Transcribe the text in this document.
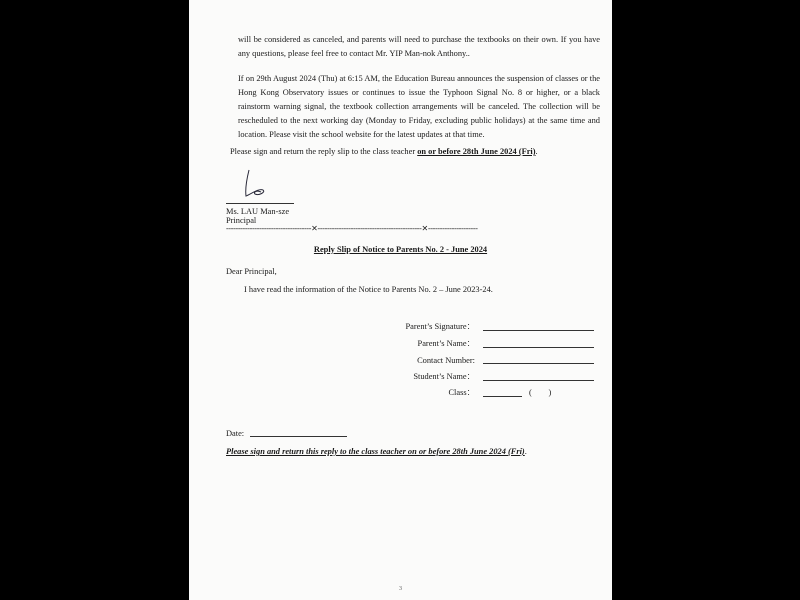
will be considered as canceled, and parents will need to purchase the textbooks on their own. If you have any questions, please feel free to contact Mr. YIP Man-nok Anthony..
If on 29th August 2024 (Thu) at 6:15 AM, the Education Bureau announces the suspension of classes or the Hong Kong Observatory issues or continues to issue the Typhoon Signal No. 8 or higher, or a black rainstorm warning signal, the textbook collection arrangements will be canceled. The collection will be rescheduled to the next working day (Monday to Friday, excluding public holidays) at the same time and location. Please visit the school website for the latest updates at that time.
Please sign and return the reply slip to the class teacher on or before 28th June 2024 (Fri).
Ms. LAU Man-sze
Principal
------------------------------------✕--------------------------------------------✕---------------------
Reply Slip of Notice to Parents No. 2 - June 2024
Dear Principal,
I have read the information of the Notice to Parents No. 2 – June 2023-24.
Parent’s Signature：
Parent’s Name：
Contact Number:
Student’s Name：
Class：	(        )
Date:
Please sign and return this reply to the class teacher on or before 28th June 2024 (Fri).
3
